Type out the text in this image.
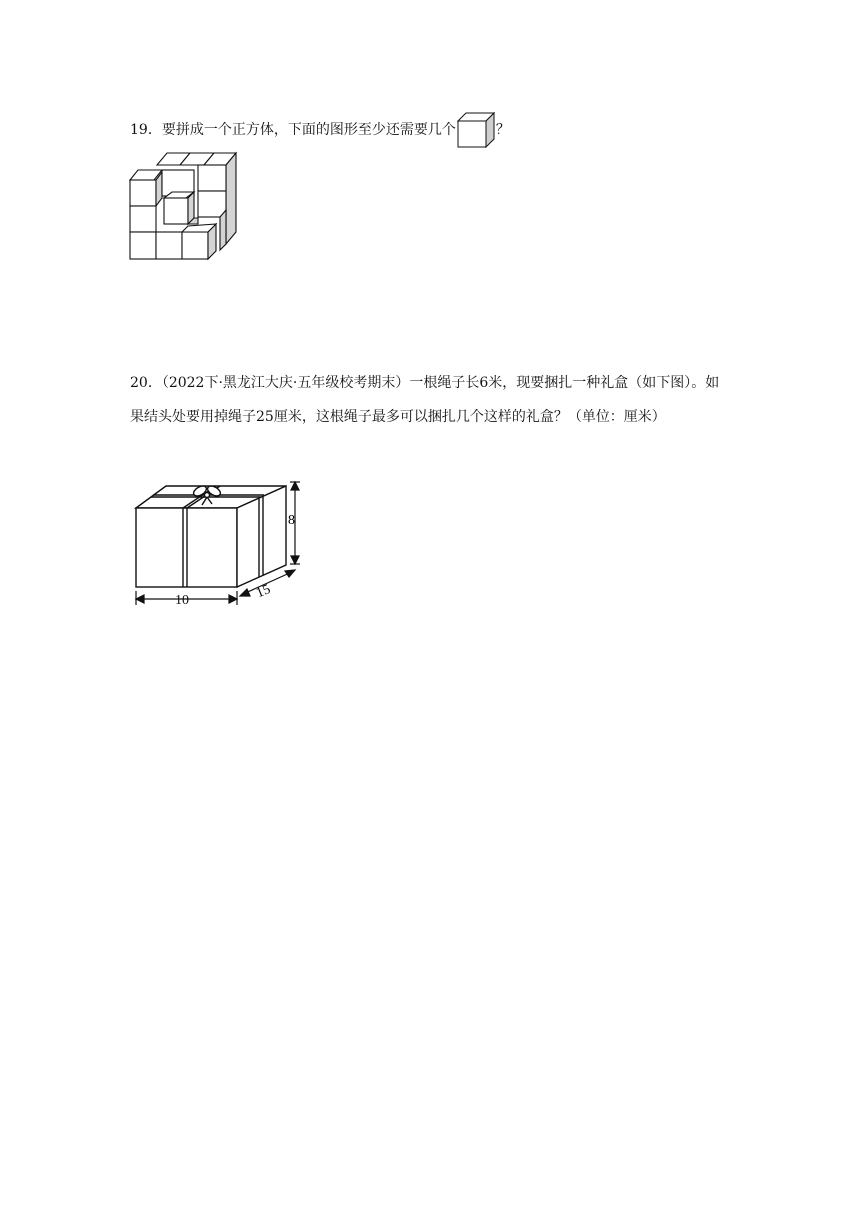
19． 要拼成一个正方体，下面的图形至少还需要几个	？
20．（2022下·黑龙江大庆·五年级校考期末）一根绳子长6米，现要捆扎一种礼盒（如下图）。如果结头处要用掉绳子25厘米，这根绳子最多可以捆扎几个这样的礼盒？（单位：厘米）
8
10	15
